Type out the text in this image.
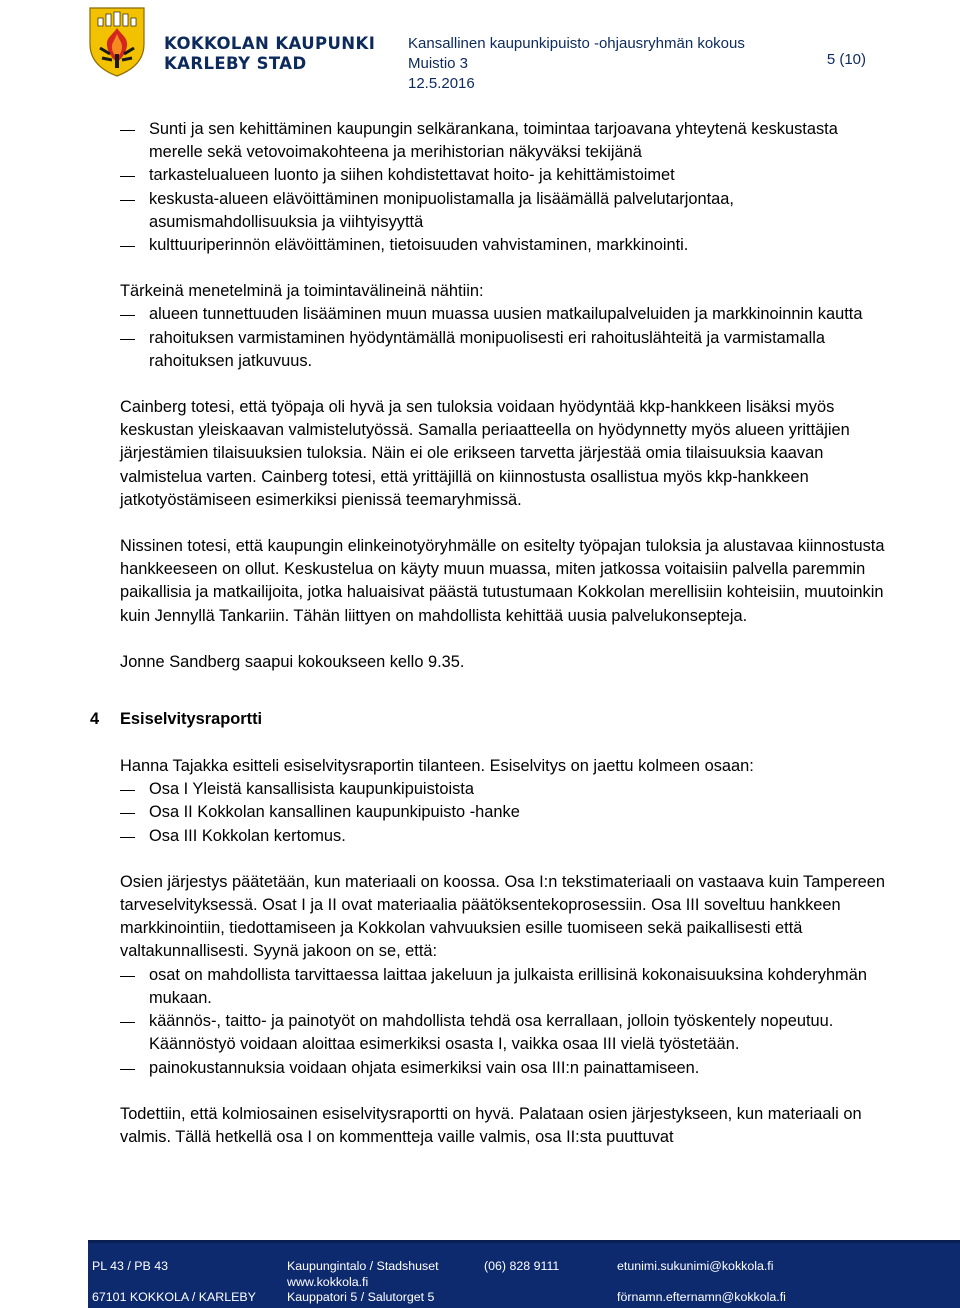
KOKKOLAN KAUPUNKI
KARLEBY STAD
Kansallinen kaupunkipuisto -ohjausryhmän kokous
Muistio 3
12.5.2016
5 (10)
Sunti ja sen kehittäminen kaupungin selkärankana, toimintaa tarjoavana yhteytenä keskustasta merelle sekä vetovoimakohteena ja merihistorian näkyväksi tekijänä
tarkastelualueen luonto ja siihen kohdistettavat hoito- ja kehittämistoimet
keskusta-alueen elävöittäminen monipuolistamalla ja lisäämällä palvelutarjontaa, asumismahdollisuuksia ja viihtyisyyttä
kulttuuriperinnön elävöittäminen, tietoisuuden vahvistaminen, markkinointi.

Tärkeinä menetelminä ja toimintavälineinä nähtiin:

alueen tunnettuuden lisääminen muun muassa uusien matkailupalveluiden ja markkinoinnin kautta
rahoituksen varmistaminen hyödyntämällä monipuolisesti eri rahoituslähteitä ja varmistamalla rahoituksen jatkuvuus.

Cainberg totesi, että työpaja oli hyvä ja sen tuloksia voidaan hyödyntää kkp-hankkeen lisäksi myös keskustan yleiskaavan valmistelutyössä. Samalla periaatteella on hyödynnetty myös alueen yrittäjien järjestämien tilaisuuksien tuloksia. Näin ei ole erikseen tarvetta järjestää omia tilaisuuksia kaavan valmistelua varten. Cainberg totesi, että yrittäjillä on kiinnostusta osallistua myös kkp-hankkeen jatkotyöstämiseen esimerkiksi pienissä teemaryhmissä.

Nissinen totesi, että kaupungin elinkeinotyöryhmälle on esitelty työpajan tuloksia ja alustavaa kiinnostusta hankkeeseen on ollut. Keskustelua on käyty muun muassa, miten jatkossa voitaisiin palvella paremmin paikallisia ja matkailijoita, jotka haluaisivat päästä tutustumaan Kokkolan merellisiin kohteisiin, muutoinkin kuin Jennyllä Tankariin. Tähän liittyen on mahdollista kehittää uusia palvelukonsepteja.

Jonne Sandberg saapui kokoukseen kello 9.35.

4 Esiselvitysraportti

Hanna Tajakka esitteli esiselvitysraportin tilanteen. Esiselvitys on jaettu kolmeen osaan:

Osa I Yleistä kansallisista kaupunkipuistoista
Osa II Kokkolan kansallinen kaupunkipuisto -hanke
Osa III Kokkolan kertomus.

Osien järjestys päätetään, kun materiaali on koossa. Osa I:n tekstimateriaali on vastaava kuin Tampereen tarveselvityksessä. Osat I ja II ovat materiaalia päätöksentekoprosessiin. Osa III soveltuu hankkeen markkinointiin, tiedottamiseen ja Kokkolan vahvuuksien esille tuomiseen sekä paikallisesti että valtakunnallisesti. Syynä jakoon on se, että:

osat on mahdollista tarvittaessa laittaa jakeluun ja julkaista erillisinä kokonaisuuksina kohderyhmän mukaan.
käännös-, taitto- ja painotyöt on mahdollista tehdä osa kerrallaan, jolloin työskentely nopeutuu. Käännöstyö voidaan aloittaa esimerkiksi osasta I, vaikka osaa III vielä työstetään.
painokustannuksia voidaan ohjata esimerkiksi vain osa III:n painattamiseen.

Todettiin, että kolmiosainen esiselvitysraportti on hyvä. Palataan osien järjestykseen, kun materiaali on valmis. Tällä hetkellä osa I on kommentteja vaille valmis, osa II:sta puuttuvat

PL 43 / PB 43
67101 KOKKOLA / KARLEBY
Kaupungintalo / Stadshuset
www.kokkola.fi
Kauppatori 5 / Salutorget 5
(06) 828 9111	etunimi.sukunimi@kokkola.fi
förnamn.efternamn@kokkola.fi
